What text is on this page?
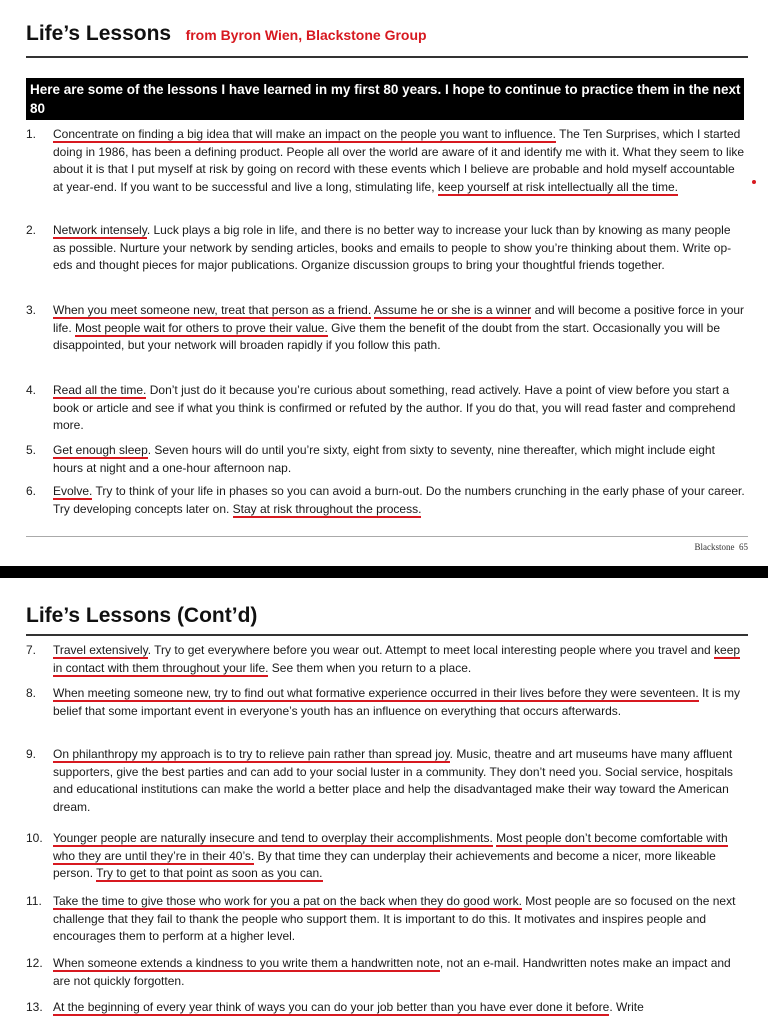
Life’s Lessons from Byron Wien, Blackstone Group
Here are some of the lessons I have learned in my first 80 years. I hope to continue to practice them in the next 80
1.	Concentrate on finding a big idea that will make an impact on the people you want to influence. The Ten Surprises, which I started doing in 1986, has been a defining product. People all over the world are aware of it and identify me with it. What they seem to like about it is that I put myself at risk by going on record with these events which I believe are probable and hold myself accountable at year-end. If you want to be successful and live a long, stimulating life, keep yourself at risk intellectually all the time.
2.	Network intensely. Luck plays a big role in life, and there is no better way to increase your luck than by knowing as many people as possible. Nurture your network by sending articles, books and emails to people to show you’re thinking about them. Write op-eds and thought pieces for major publications. Organize discussion groups to bring your thoughtful friends together.
3.	When you meet someone new, treat that person as a friend. Assume he or she is a winner and will become a positive force in your life. Most people wait for others to prove their value. Give them the benefit of the doubt from the start. Occasionally you will be disappointed, but your network will broaden rapidly if you follow this path.
4.	Read all the time. Don’t just do it because you’re curious about something, read actively. Have a point of view before you start a book or article and see if what you think is confirmed or refuted by the author. If you do that, you will read faster and comprehend more.
5.	Get enough sleep. Seven hours will do until you’re sixty, eight from sixty to seventy, nine thereafter, which might include eight hours at night and a one-hour afternoon nap.
6.	Evolve. Try to think of your life in phases so you can avoid a burn-out. Do the numbers crunching in the early phase of your career. Try developing concepts later on. Stay at risk throughout the process.
Blackstone 65
Life’s Lessons (Cont’d)
7.	Travel extensively. Try to get everywhere before you wear out. Attempt to meet local interesting people where you travel and keep in contact with them throughout your life. See them when you return to a place.
8.	When meeting someone new, try to find out what formative experience occurred in their lives before they were seventeen. It is my belief that some important event in everyone’s youth has an influence on everything that occurs afterwards.
9.	On philanthropy my approach is to try to relieve pain rather than spread joy. Music, theatre and art museums have many affluent supporters, give the best parties and can add to your social luster in a community. They don’t need you. Social service, hospitals and educational institutions can make the world a better place and help the disadvantaged make their way toward the American dream.
10. Younger people are naturally insecure and tend to overplay their accomplishments. Most people don’t become comfortable with who they are until they’re in their 40’s. By that time they can underplay their achievements and become a nicer, more likeable person. Try to get to that point as soon as you can.
11. Take the time to give those who work for you a pat on the back when they do good work. Most people are so focused on the next challenge that they fail to thank the people who support them. It is important to do this. It motivates and inspires people and encourages them to perform at a higher level.
12. When someone extends a kindness to you write them a handwritten note, not an e-mail. Handwritten notes make an impact and are not quickly forgotten.
13. At the beginning of every year think of ways you can do your job better than you have ever done it before. Write
